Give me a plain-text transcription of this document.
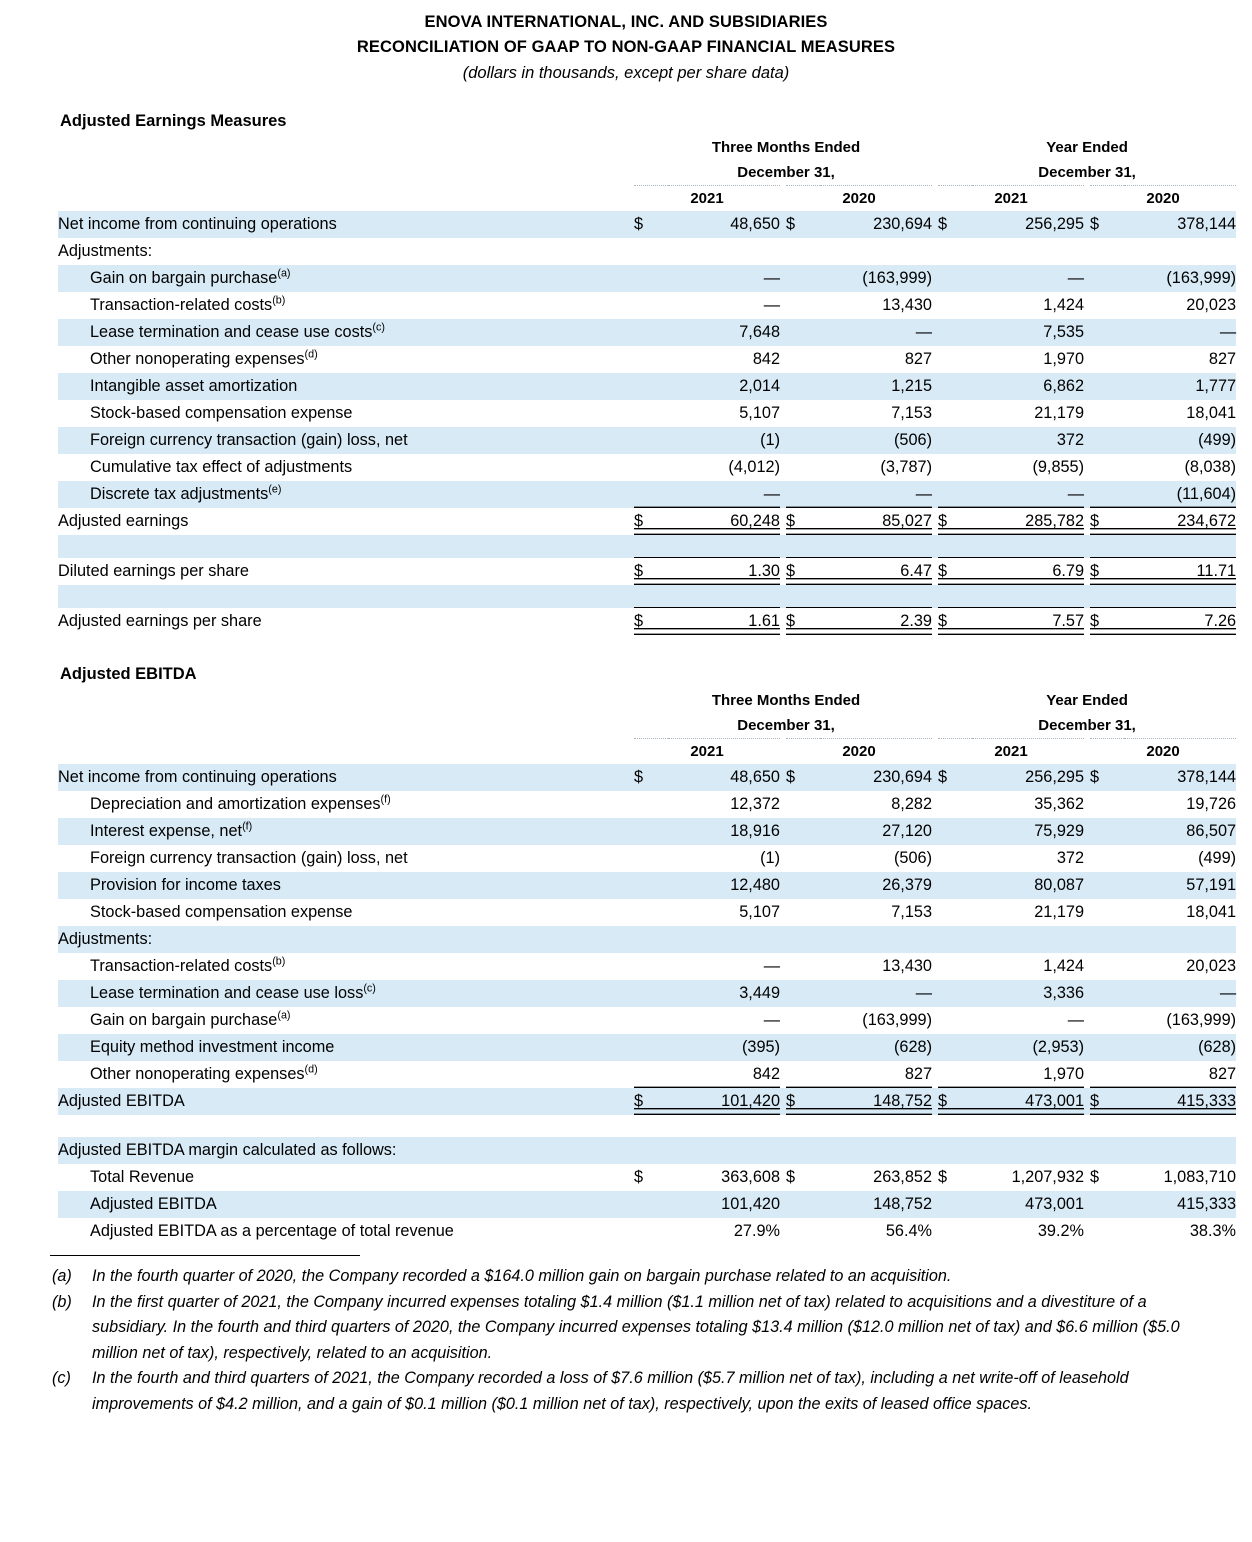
ENOVA INTERNATIONAL, INC. AND SUBSIDIARIES
RECONCILIATION OF GAAP TO NON-GAAP FINANCIAL MEASURES
(dollars in thousands, except per share data)
Adjusted Earnings Measures
	Three Months Ended						Year Ended				
	December 31,						December 31,				
	2021			2020			2021			2020	
Net income from continuing operations	$	48,650		$	230,694		$	256,295		$	378,144
Adjustments:											
Gain on bargain purchase$^{(a)}$		—			(163,999)			—			(163,999)
Transaction-related costs$^{(b)}$		—			13,430			1,424			20,023
Lease termination and cease use costs$^{(c)}$		7,648			—			7,535			—
Other nonoperating expenses$^{(d)}$		842			827			1,970			827
Intangible asset amortization		2,014			1,215			6,862			1,777
Stock-based compensation expense		5,107			7,153			21,179			18,041
Foreign currency transaction (gain) loss, net		(1)			(506)			372			(499)
Cumulative tax effect of adjustments		(4,012)			(3,787)			(9,855)			(8,038)
Discrete tax adjustments$^{(e)}$		—			—			—			(11,604)
Adjusted earnings	$	60,248		$	85,027		$	285,782		$	234,672

Diluted earnings per share	$	1.30		$	6.47		$	6.79		$	11.71

Adjusted earnings per share	$	1.61		$	2.39		$	7.57		$	7.26
Adjusted EBITDA
	Three Months Ended						Year Ended				
	December 31,						December 31,				
	2021			2020			2021			2020	
Net income from continuing operations	$	48,650		$	230,694		$	256,295		$	378,144
Depreciation and amortization expenses$^{(f)}$		12,372			8,282			35,362			19,726
Interest expense, net$^{(f)}$		18,916			27,120			75,929			86,507
Foreign currency transaction (gain) loss, net		(1)			(506)			372			(499)
Provision for income taxes		12,480			26,379			80,087			57,191
Stock-based compensation expense		5,107			7,153			21,179			18,041
Adjustments:											
Transaction-related costs$^{(b)}$		—			13,430			1,424			20,023
Lease termination and cease use loss$^{(c)}$		3,449			—			3,336			—
Gain on bargain purchase$^{(a)}$		—			(163,999)			—			(163,999)
Equity method investment income		(395)			(628)			(2,953)			(628)
Other nonoperating expenses$^{(d)}$		842			827			1,970			827
Adjusted EBITDA	$	101,420		$	148,752		$	473,001		$	415,333

Adjusted EBITDA margin calculated as follows:											
Total Revenue	$	363,608		$	263,852		$	1,207,932		$	1,083,710
Adjusted EBITDA		101,420			148,752			473,001			415,333
Adjusted EBITDA as a percentage of total revenue		27.9%			56.4%			39.2%			38.3%
(a)	In the fourth quarter of 2020, the Company recorded a $164.0 million gain on bargain purchase related to an acquisition.
(b)	In the first quarter of 2021, the Company incurred expenses totaling $1.4 million ($1.1 million net of tax) related to acquisitions and a divestiture of a subsidiary. In the fourth and third quarters of 2020, the Company incurred expenses totaling $13.4 million ($12.0 million net of tax) and $6.6 million ($5.0 million net of tax), respectively, related to an acquisition.
(c)	In the fourth and third quarters of 2021, the Company recorded a loss of $7.6 million ($5.7 million net of tax), including a net write-off of leasehold improvements of $4.2 million, and a gain of $0.1 million ($0.1 million net of tax), respectively, upon the exits of leased office spaces.
